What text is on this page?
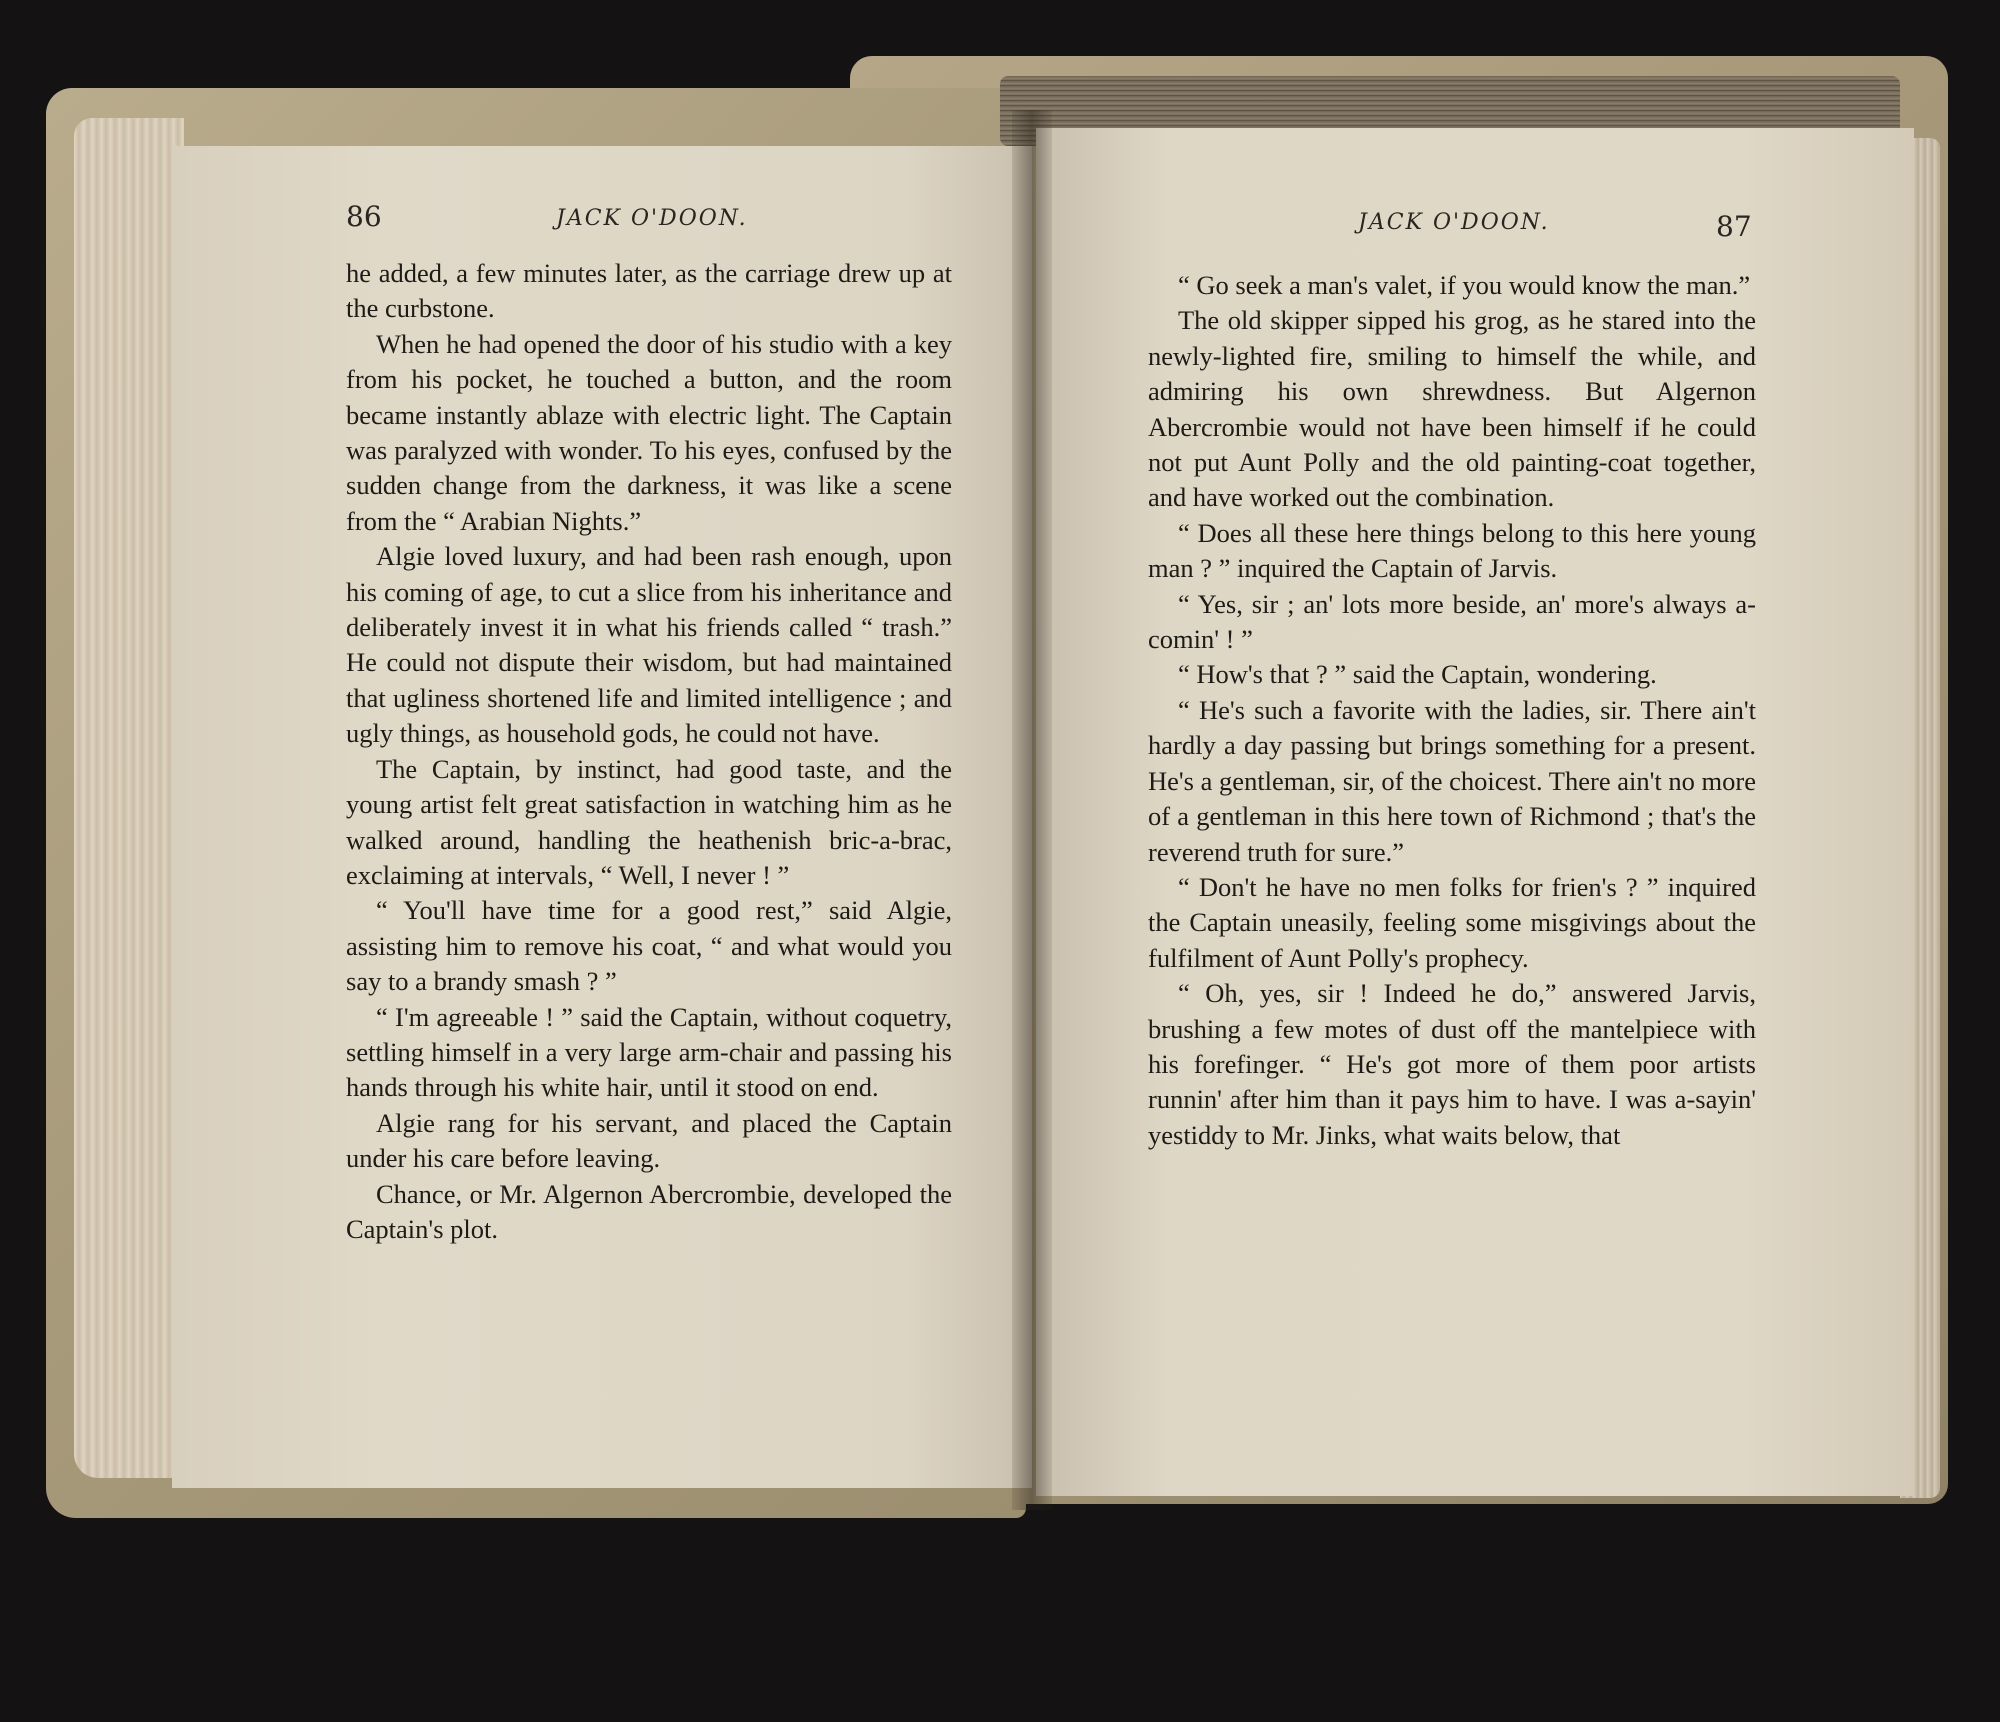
86	JACK O'DOON.

he added, a few minutes later, as the carriage drew up at the curbstone.

When he had opened the door of his studio with a key from his pocket, he touched a button, and the room became instantly ablaze with electric light. The Captain was paralyzed with wonder. To his eyes, confused by the sudden change from the darkness, it was like a scene from the “ Arabian Nights.”

Algie loved luxury, and had been rash enough, upon his coming of age, to cut a slice from his inheritance and deliberately invest it in what his friends called “ trash.” He could not dispute their wisdom, but had maintained that ugliness shortened life and limited intelligence ; and ugly things, as household gods, he could not have.

The Captain, by instinct, had good taste, and the young artist felt great satisfaction in watching him as he walked around, handling the heathenish bric-a-brac, exclaiming at intervals, “ Well, I never ! ”

“ You'll have time for a good rest,” said Algie, assisting him to remove his coat, “ and what would you say to a brandy smash ? ”

“ I'm agreeable ! ” said the Captain, without coquetry, settling himself in a very large arm-chair and passing his hands through his white hair, until it stood on end.

Algie rang for his servant, and placed the Captain under his care before leaving.

Chance, or Mr. Algernon Abercrombie, developed the Captain's plot.

JACK O'DOON.	87

“ Go seek a man's valet, if you would know the man.”

The old skipper sipped his grog, as he stared into the newly-lighted fire, smiling to himself the while, and admiring his own shrewdness. But Algernon Abercrombie would not have been himself if he could not put Aunt Polly and the old painting-coat together, and have worked out the combination.

“ Does all these here things belong to this here young man ? ” inquired the Captain of Jarvis.

“ Yes, sir ; an' lots more beside, an' more's always a-comin' ! ”

“ How's that ? ” said the Captain, wondering.

“ He's such a favorite with the ladies, sir. There ain't hardly a day passing but brings something for a present. He's a gentleman, sir, of the choicest. There ain't no more of a gentleman in this here town of Richmond ; that's the reverend truth for sure.”

“ Don't he have no men folks for frien's ? ” inquired the Captain uneasily, feeling some misgivings about the fulfilment of Aunt Polly's prophecy.

“ Oh, yes, sir ! Indeed he do,” answered Jarvis, brushing a few motes of dust off the mantelpiece with his forefinger. “ He's got more of them poor artists runnin' after him than it pays him to have. I was a-sayin' yestiddy to Mr. Jinks, what waits below, that
